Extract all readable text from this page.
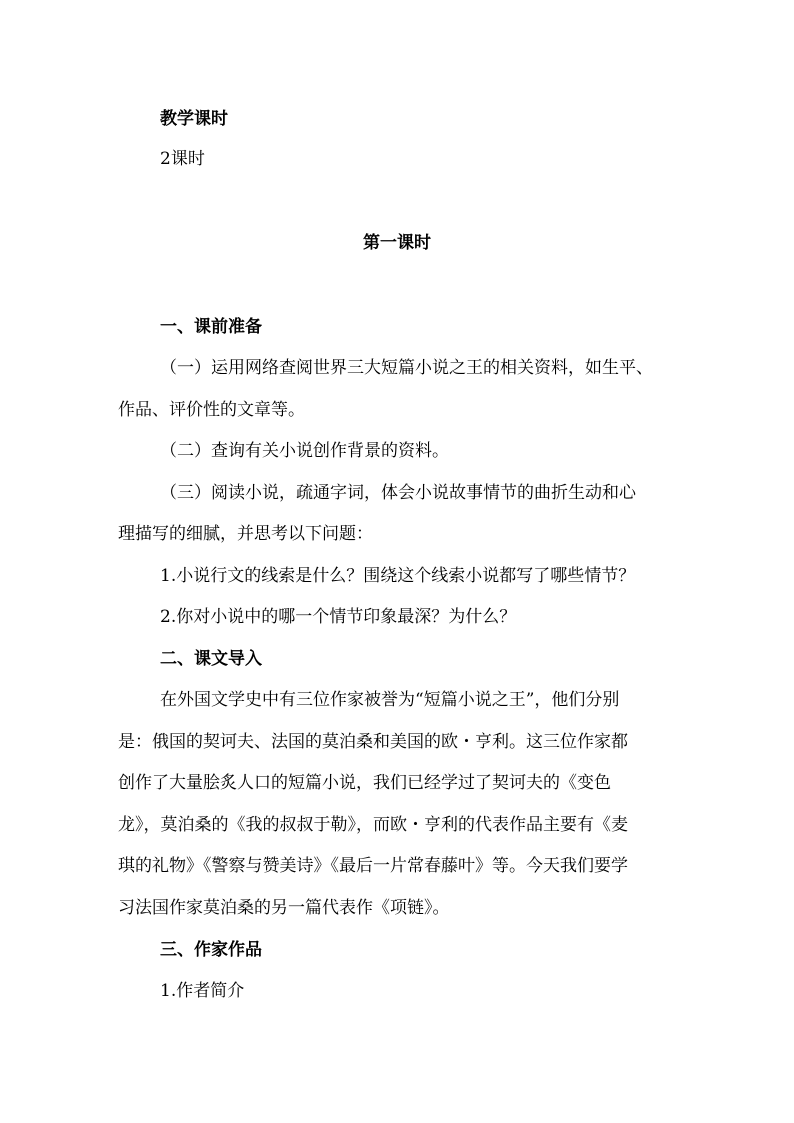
教学课时
2课时
第一课时
一、课前准备
（一）运用网络查阅世界三大短篇小说之王的相关资料，如生平、
作品、评价性的文章等。
（二）查询有关小说创作背景的资料。
（三）阅读小说，疏通字词，体会小说故事情节的曲折生动和心
理描写的细腻，并思考以下问题：
1.小说行文的线索是什么？围绕这个线索小说都写了哪些情节？
2.你对小说中的哪一个情节印象最深？为什么？
二、课文导入
在外国文学史中有三位作家被誉为“短篇小说之王”，他们分别
是：俄国的契诃夫、法国的莫泊桑和美国的欧・亨利。这三位作家都
创作了大量脍炙人口的短篇小说，我们已经学过了契诃夫的《变色
龙》，莫泊桑的《我的叔叔于勒》，而欧・亨利的代表作品主要有《麦
琪的礼物》《警察与赞美诗》《最后一片常春藤叶》等。今天我们要学
习法国作家莫泊桑的另一篇代表作《项链》。
三、作家作品
1.作者简介
